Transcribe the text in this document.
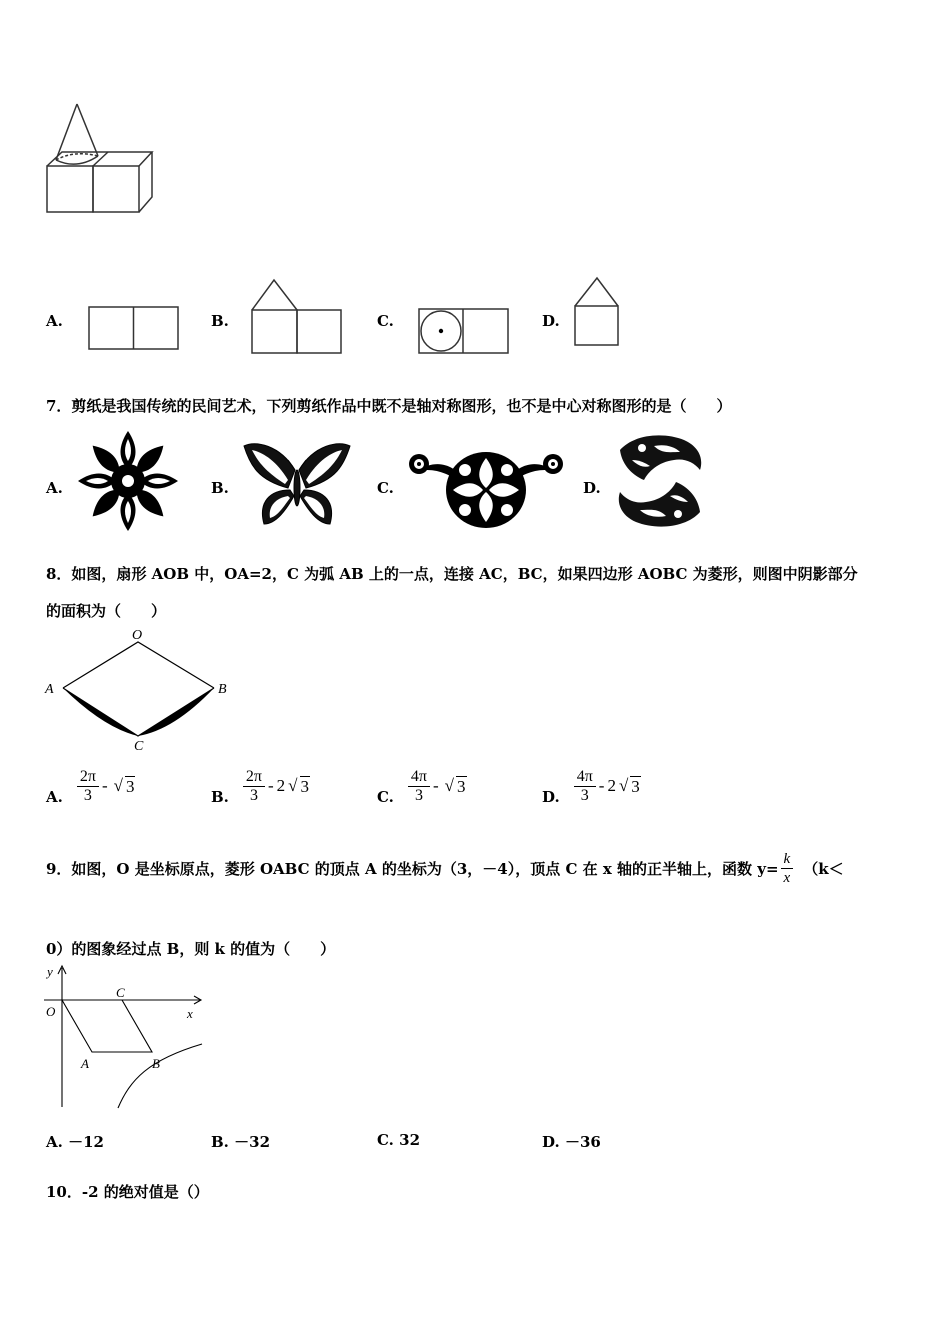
A.	B.	C.	D.
7．剪纸是我国传统的民间艺术，下列剪纸作品中既不是轴对称图形，也不是中心对称图形的是（　　）
A.	B.	C.	D.
8．如图，扇形 AOB 中，OA=2，C 为弧 AB 上的一点，连接 AC，BC，如果四边形 AOBC 为菱形，则图中阴影部分
的面积为（　　）
O
A	B
C
A. $\frac{2\pi}{3}$ - √ 3
B. $\frac{2\pi}{3} - 2$ √ 3
C. $\frac{4\pi}{3}$ - √ 3
D. $\frac{4\pi}{3} - 2$ √ 3
9．如图，O 是坐标原点，菱形 OABC 的顶点 A 的坐标为（3，－4），顶点 C 在 x 轴的正半轴上，函数 $y= \frac{k}{x} (k<$
0）的图象经过点 B，则 k 的值为（　　）
y
O
C
x
A	B
A. －12	B. －32	C. 32	D. －36
10．-2 的绝对值是（）
